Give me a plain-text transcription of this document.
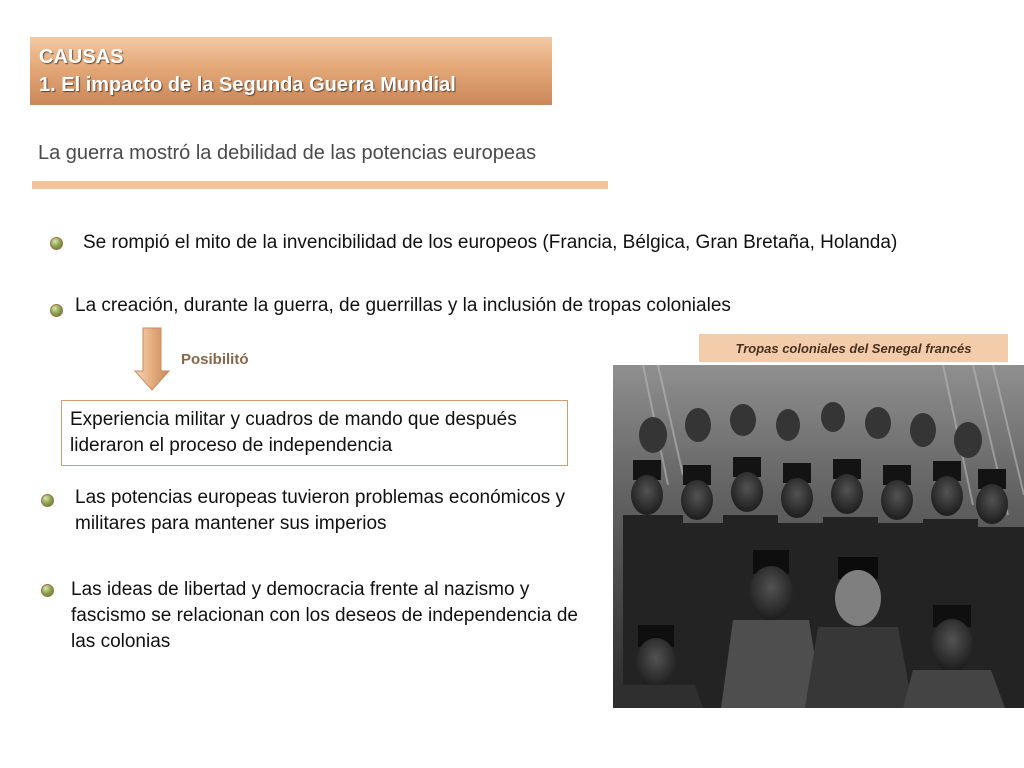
CAUSAS
1. El impacto de la Segunda Guerra Mundial
La guerra mostró la debilidad de las potencias europeas
Se rompió el mito de la invencibilidad de los europeos (Francia, Bélgica, Gran Bretaña, Holanda)
La creación, durante la guerra, de guerrillas y la inclusión de tropas coloniales
Posibilitó
Experiencia militar y cuadros de mando que después lideraron el proceso de independencia
Las potencias europeas tuvieron problemas económicos y militares para mantener sus imperios
Las ideas de libertad y democracia frente al nazismo y fascismo se relacionan con los deseos de independencia de las colonias
Tropas coloniales del Senegal francés
